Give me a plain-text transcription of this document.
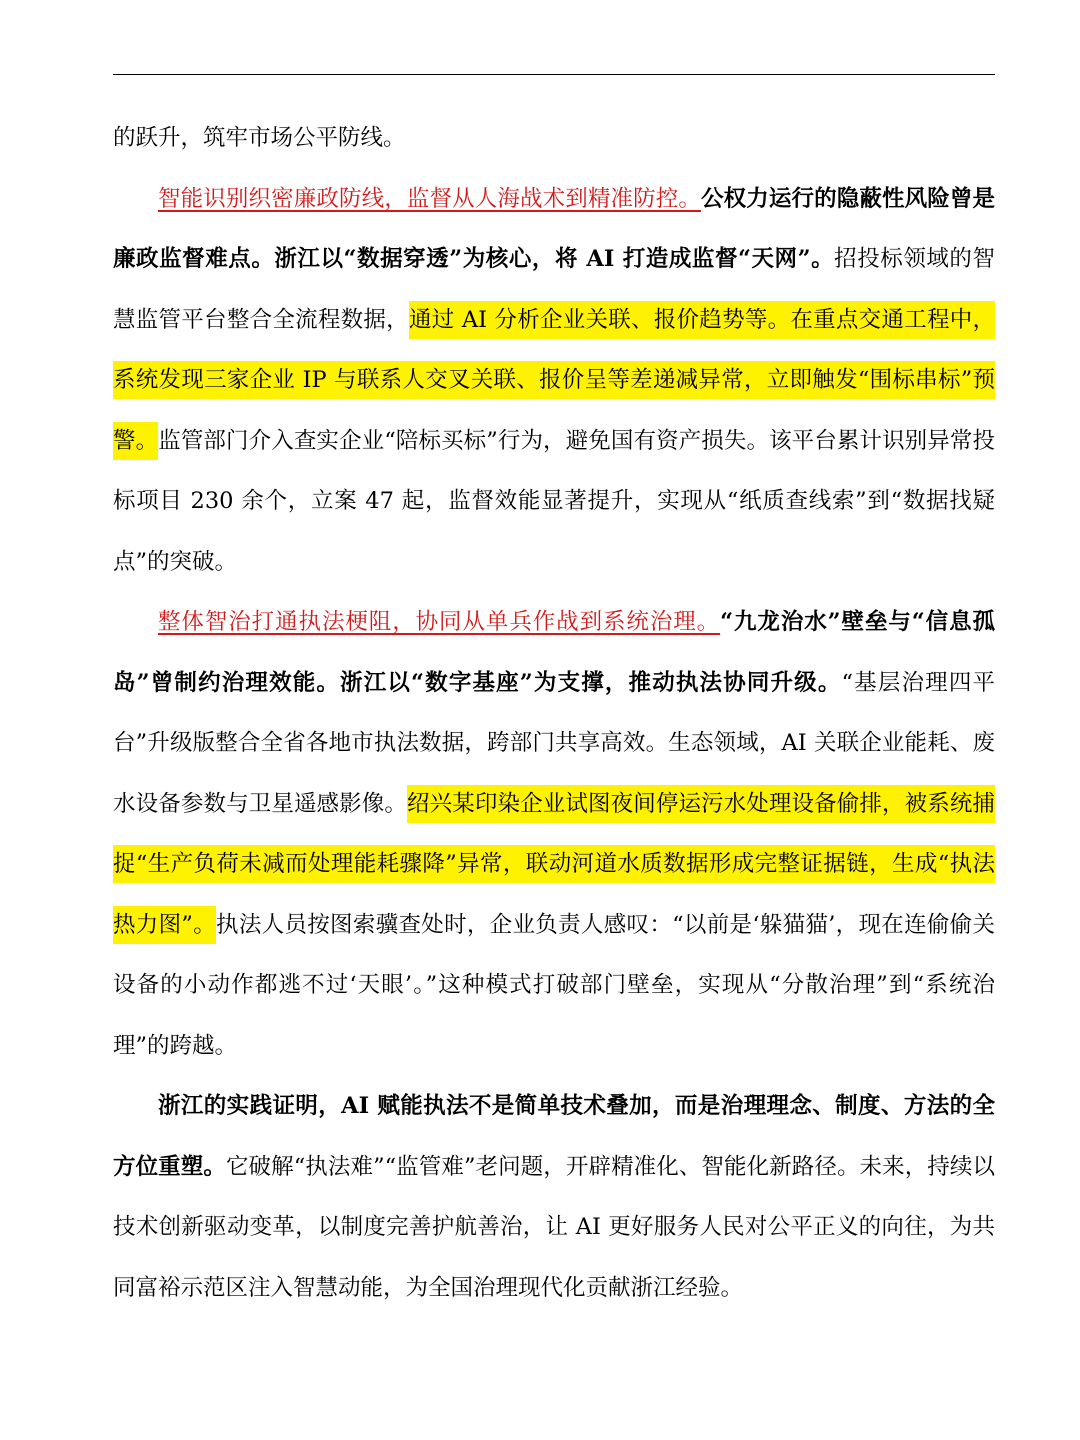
的跃升，筑牢市场公平防线。

智能识别织密廉政防线，监督从人海战术到精准防控。公权力运行的隐蔽性风险曾是廉政监督难点。浙江以“数据穿透”为核心，将 AI 打造成监督“天网”。招投标领域的智慧监管平台整合全流程数据，通过 AI 分析企业关联、报价趋势等。在重点交通工程中，系统发现三家企业 IP 与联系人交叉关联、报价呈等差递减异常，立即触发“围标串标”预警。监管部门介入查实企业“陪标买标”行为，避免国有资产损失。该平台累计识别异常投标项目 230 余个，立案 47 起，监督效能显著提升，实现从“纸质查线索”到“数据找疑点”的突破。

整体智治打通执法梗阻，协同从单兵作战到系统治理。“九龙治水”壁垒与“信息孤岛”曾制约治理效能。浙江以“数字基座”为支撑，推动执法协同升级。“基层治理四平台”升级版整合全省各地市执法数据，跨部门共享高效。生态领域，AI 关联企业能耗、废水设备参数与卫星遥感影像。绍兴某印染企业试图夜间停运污水处理设备偷排，被系统捕捉“生产负荷未减而处理能耗骤降”异常，联动河道水质数据形成完整证据链，生成“执法热力图”。执法人员按图索骥查处时，企业负责人感叹：“以前是‘躲猫猫’，现在连偷偷关设备的小动作都逃不过‘天眼’。”这种模式打破部门壁垒，实现从“分散治理”到“系统治理”的跨越。

浙江的实践证明，AI 赋能执法不是简单技术叠加，而是治理理念、制度、方法的全方位重塑。它破解“执法难”“监管难”老问题，开辟精准化、智能化新路径。未来，持续以技术创新驱动变革，以制度完善护航善治，让 AI 更好服务人民对公平正义的向往，为共同富裕示范区注入智慧动能，为全国治理现代化贡献浙江经验。
